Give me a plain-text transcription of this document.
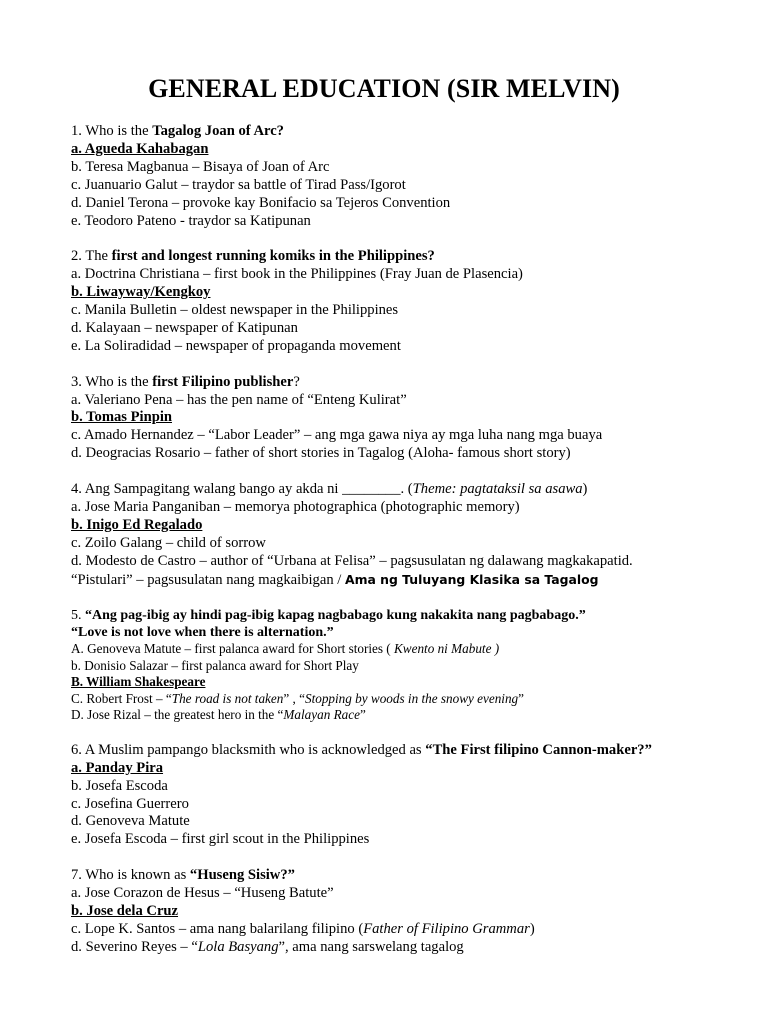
GENERAL EDUCATION (SIR MELVIN)
1. Who is the Tagalog Joan of Arc?
a. Agueda Kahabagan
b. Teresa Magbanua – Bisaya of Joan of Arc
c. Juanuario Galut – traydor sa battle of Tirad Pass/Igorot
d. Daniel Terona – provoke kay Bonifacio sa Tejeros Convention
e. Teodoro Pateno - traydor sa Katipunan
2. The first and longest running komiks in the Philippines?
a. Doctrina Christiana – first book in the Philippines (Fray Juan de Plasencia)
b. Liwayway/Kengkoy
c. Manila Bulletin – oldest newspaper in the Philippines
d. Kalayaan – newspaper of Katipunan
e. La Soliradidad – newspaper of propaganda movement
3. Who is the first Filipino publisher?
a. Valeriano Pena – has the pen name of “Enteng Kulirat”
b. Tomas Pinpin
c. Amado Hernandez – “Labor Leader” – ang mga gawa niya ay mga luha nang mga buaya
d. Deogracias Rosario – father of short stories in Tagalog (Aloha- famous short story)
4. Ang Sampagitang walang bango ay akda ni ________. (Theme: pagtataksil sa asawa)
a. Jose Maria Panganiban – memorya photographica (photographic memory)
b. Inigo Ed Regalado
c. Zoilo Galang – child of sorrow
d. Modesto de Castro – author of “Urbana at Felisa” – pagsusulatan ng dalawang magkakapatid.
“Pistulari” – pagsusulatan nang magkaibigan / Ama ng Tuluyang Klasika sa Tagalog
5. “Ang pag-ibig ay hindi pag-ibig kapag nagbabago kung nakakita nang pagbabago.”
“Love is not love when there is alternation.”
A. Genoveva Matute – first palanca award for Short stories ( Kwento ni Mabute )
b. Donisio Salazar – first palanca award for Short Play
B. William Shakespeare
C. Robert Frost – “The road is not taken” , “Stopping by woods in the snowy evening”
D. Jose Rizal – the greatest hero in the “Malayan Race”
6. A Muslim pampango blacksmith who is acknowledged as “The First filipino Cannon-maker?”
a. Panday Pira
b. Josefa Escoda
c. Josefina Guerrero
d. Genoveva Matute
e. Josefa Escoda – first girl scout in the Philippines
7. Who is known as “Huseng Sisiw?”
a. Jose Corazon de Hesus – “Huseng Batute”
b. Jose dela Cruz
c. Lope K. Santos – ama nang balarilang filipino (Father of Filipino Grammar)
d. Severino Reyes – “Lola Basyang”, ama nang sarswelang tagalog
